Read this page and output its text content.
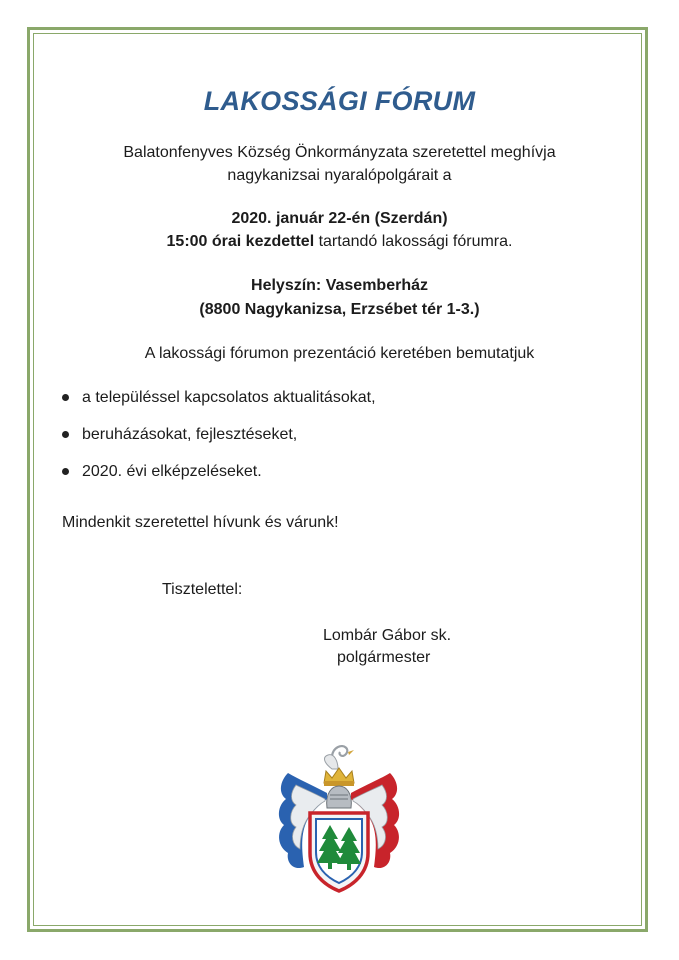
LAKOSSÁGI FÓRUM
Balatonfenyves Község Önkormányzata szeretettel meghívja
nagykanizsai nyaralópolgárait a
2020. január 22-én (Szerdán)
15:00 órai kezdettel tartandó lakossági fórumra.
Helyszín: Vasemberház
(8800 Nagykanizsa, Erzsébet tér 1-3.)
A lakossági fórumon prezentáció keretében bemutatjuk
a településsel kapcsolatos aktualitásokat,
beruházásokat, fejlesztéseket,
2020. évi elképzeléseket.
Mindenkit szeretettel hívunk és várunk!
Tisztelettel:
Lombár Gábor sk.
polgármester
